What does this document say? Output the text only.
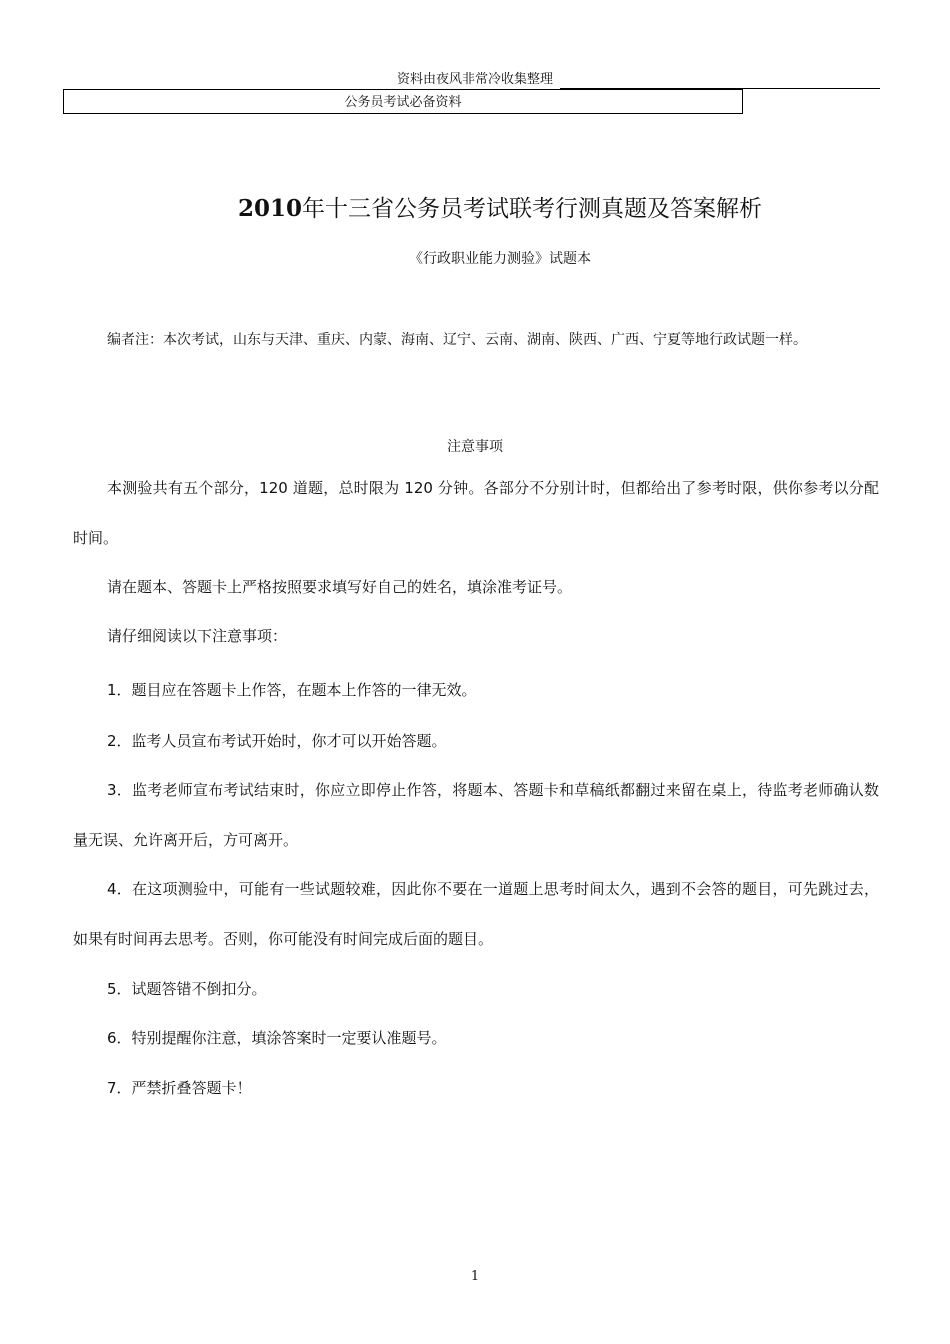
资料由夜风非常冷收集整理
公务员考试必备资料
2010年十三省公务员考试联考行测真题及答案解析
《行政职业能力测验》试题本
编者注：本次考试，山东与天津、重庆、内蒙、海南、辽宁、云南、湖南、陕西、广西、宁夏等地行政试题一样。
注意事项

本测验共有五个部分，120 道题，总时限为 120 分钟。各部分不分别计时，但都给出了参考时限，供你参考以分配时间。

请在题本、答题卡上严格按照要求填写好自己的姓名，填涂准考证号。

请仔细阅读以下注意事项：

1．题目应在答题卡上作答，在题本上作答的一律无效。

2．监考人员宣布考试开始时，你才可以开始答题。

3．监考老师宣布考试结束时，你应立即停止作答，将题本、答题卡和草稿纸都翻过来留在桌上，待监考老师确认数量无误、允许离开后，方可离开。

4．在这项测验中，可能有一些试题较难，因此你不要在一道题上思考时间太久，遇到不会答的题目，可先跳过去，如果有时间再去思考。否则，你可能没有时间完成后面的题目。

5．试题答错不倒扣分。

6．特别提醒你注意，填涂答案时一定要认准题号。

7．严禁折叠答题卡！

1
